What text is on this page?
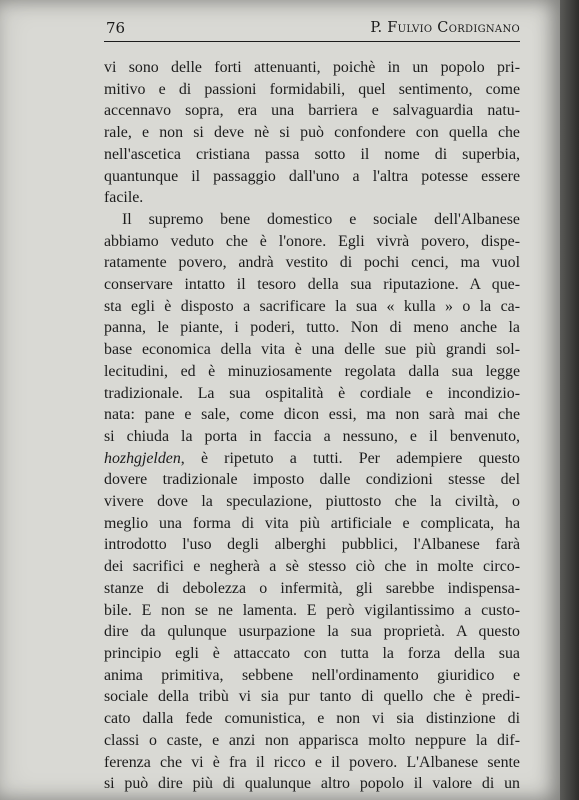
76	P. Fulvio Cordignano
vi sono delle forti attenuanti, poichè in un popolo pri-
mitivo e di passioni formidabili, quel sentimento, come
accennavo sopra, era una barriera e salvaguardia natu-
rale, e non si deve nè si può confondere con quella che
nell'ascetica cristiana passa sotto il nome di superbia,
quantunque il passaggio dall'uno a l'altra potesse essere
facile.
Il supremo bene domestico e sociale dell'Albanese
abbiamo veduto che è l'onore. Egli vivrà povero, dispe-
ratamente povero, andrà vestito di pochi cenci, ma vuol
conservare intatto il tesoro della sua riputazione. A que-
sta egli è disposto a sacrificare la sua « kulla » o la ca-
panna, le piante, i poderi, tutto. Non di meno anche la
base economica della vita è una delle sue più grandi sol-
lecitudini, ed è minuziosamente regolata dalla sua legge
tradizionale. La sua ospitalità è cordiale e incondizio-
nata: pane e sale, come dicon essi, ma non sarà mai che
si chiuda la porta in faccia a nessuno, e il benvenuto,
hozhgjelden, è ripetuto a tutti. Per adempiere questo
dovere tradizionale imposto dalle condizioni stesse del
vivere dove la speculazione, piuttosto che la civiltà, o
meglio una forma di vita più artificiale e complicata, ha
introdotto l'uso degli alberghi pubblici, l'Albanese farà
dei sacrifici e negherà a sè stesso ciò che in molte circo-
stanze di debolezza o infermità, gli sarebbe indispensa-
bile. E non se ne lamenta. E però vigilantissimo a custo-
dire da qulunque usurpazione la sua proprietà. A questo
principio egli è attaccato con tutta la forza della sua
anima primitiva, sebbene nell'ordinamento giuridico e
sociale della tribù vi sia pur tanto di quello che è predi-
cato dalla fede comunistica, e non vi sia distinzione di
classi o caste, e anzi non apparisca molto neppure la dif-
ferenza che vi è fra il ricco e il povero. L'Albanese sente
si può dire più di qualunque altro popolo il valore di un
